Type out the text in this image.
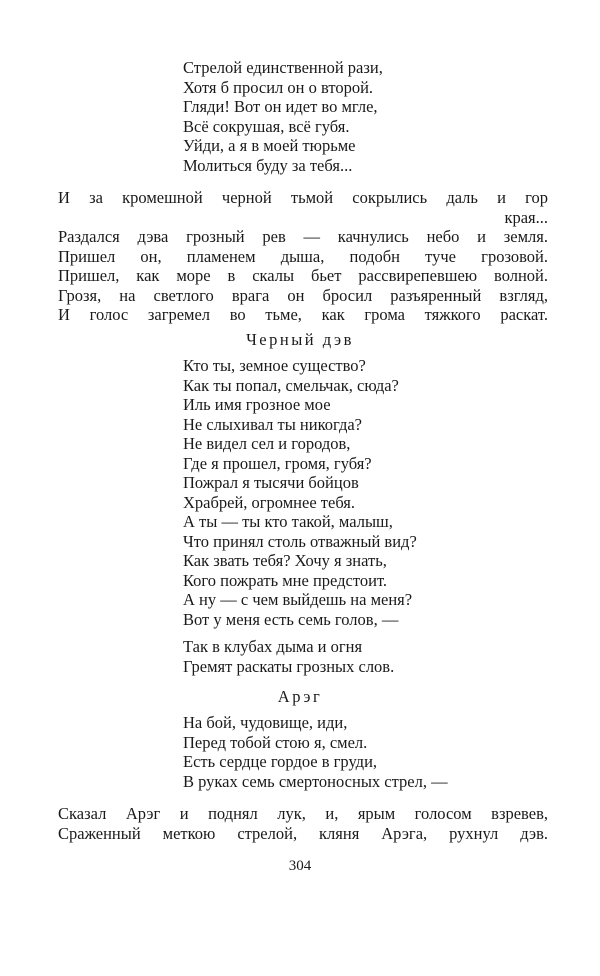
Стрелой единственной рази,
Хотя б просил он о второй.
Гляди! Вот он идет во мгле,
Всё сокрушая, всё губя.
Уйди, а я в моей тюрьме
Молиться буду за тебя...
И за кромешной черной тьмой сокрылись даль и гор
края...
Раздался дэва грозный рев — качнулись небо и земля.
Пришел он, пламенем дыша, подобн туче грозовой.
Пришел, как море в скалы бьет рассвирепевшею волной.
Грозя, на светлого врага он бросил разъяренный взгляд,
И голос загремел во тьме, как грома тяжкого раскат.
Черный дэв
Кто ты, земное существо?
Как ты попал, смельчак, сюда?
Иль имя грозное мое
Не слыхивал ты никогда?
Не видел сел и городов,
Где я прошел, громя, губя?
Пожрал я тысячи бойцов
Храбрей, огромнее тебя.
А ты — ты кто такой, малыш,
Что принял столь отважный вид?
Как звать тебя? Хочу я знать,
Кого пожрать мне предстоит.
А ну — с чем выйдешь на меня?
Вот у меня есть семь голов, —
Так в клубах дыма и огня
Гремят раскаты грозных слов.
Арэг
На бой, чудовище, иди,
Перед тобой стою я, смел.
Есть сердце гордое в груди,
В руках семь смертоносных стрел, —
Сказал Арэг и поднял лук, и, ярым голосом взревев,
Сраженный меткою стрелой, кляня Арэга, рухнул дэв.
304
